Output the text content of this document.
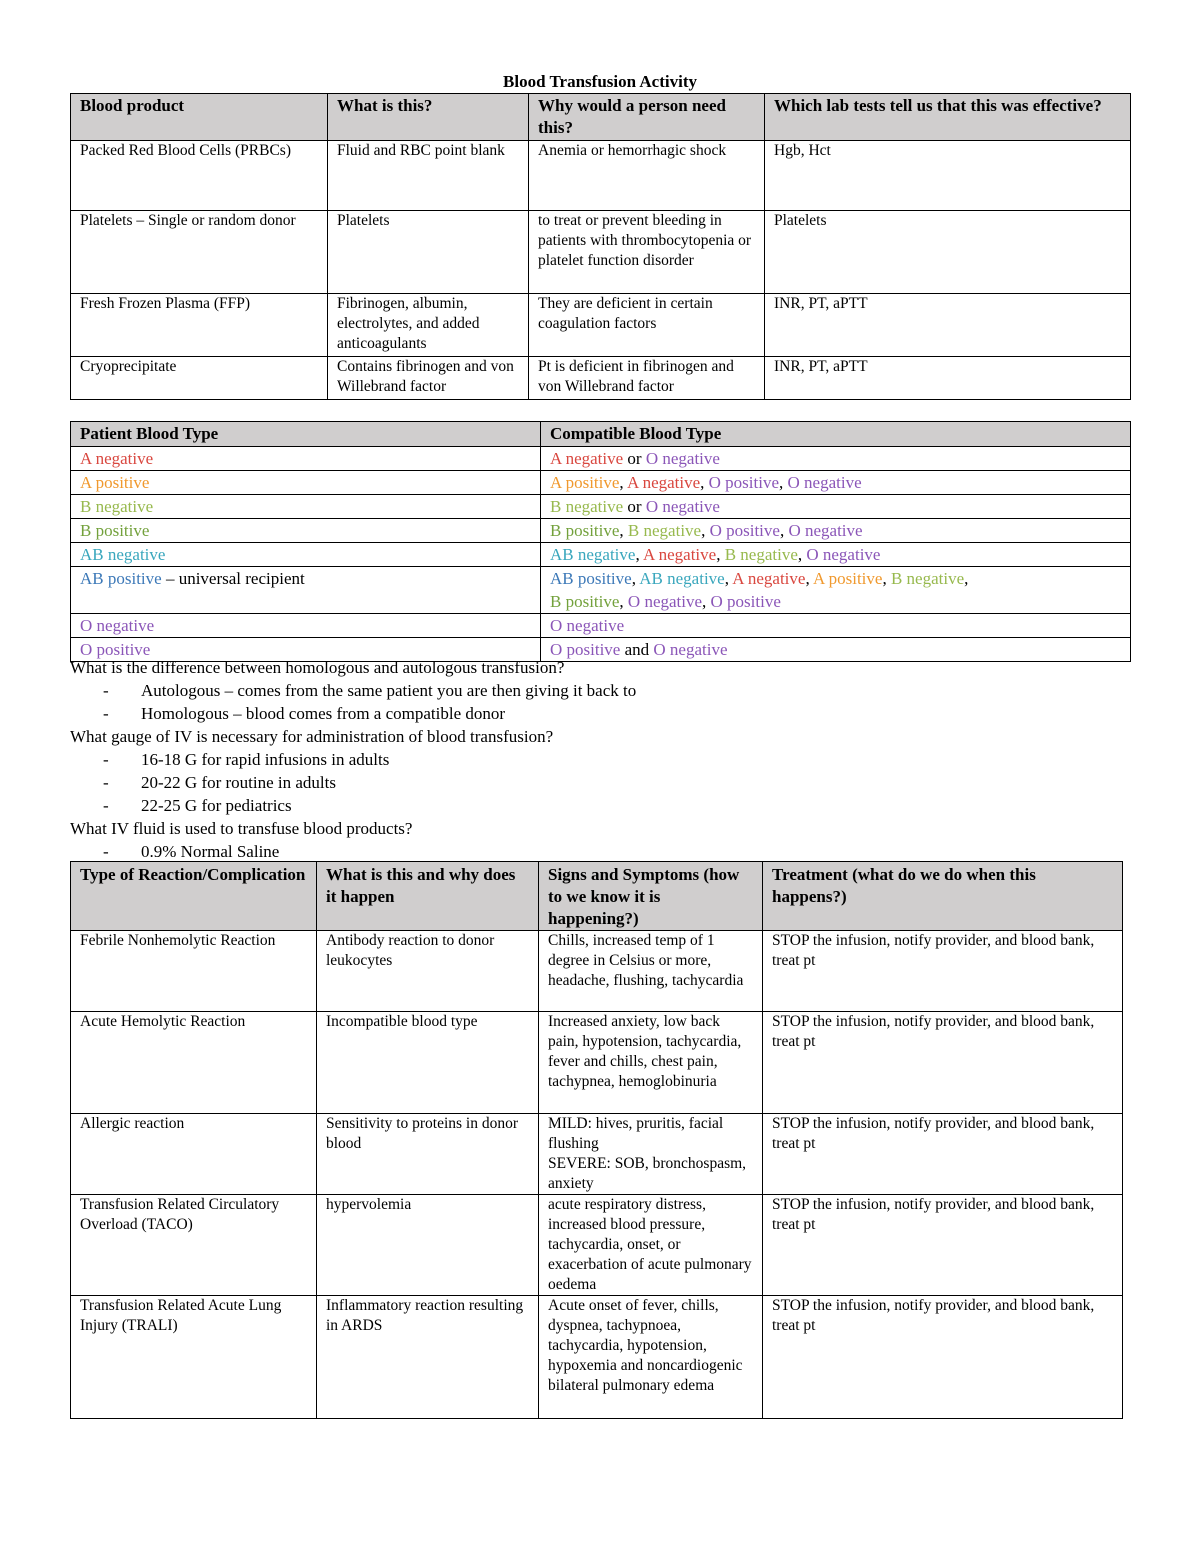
Blood Transfusion Activity
Blood product	What is this?	Why would a person need this?	Which lab tests tell us that this was effective?
Packed Red Blood Cells (PRBCs)	Fluid and RBC point blank	Anemia or hemorrhagic shock	Hgb, Hct
Platelets – Single or random donor	Platelets	to treat or prevent bleeding in patients with thrombocytopenia or platelet function disorder	Platelets
Fresh Frozen Plasma (FFP)	Fibrinogen, albumin, electrolytes, and added anticoagulants	They are deficient in certain coagulation factors	INR, PT, aPTT
Cryoprecipitate	Contains fibrinogen and von Willebrand factor	Pt is deficient in fibrinogen and von Willebrand factor	INR, PT, aPTT
Patient Blood Type	Compatible Blood Type
A negative	A negative or O negative
A positive	A positive, A negative, O positive, O negative
B negative	B negative or O negative
B positive	B positive, B negative, O positive, O negative
AB negative	AB negative, A negative, B negative, O negative
AB positive – universal recipient	AB positive, AB negative, A negative, A positive, B negative,
B positive, O negative, O positive
O negative	O negative
O positive	O positive and O negative

What is the difference between homologous and autologous transfusion?

- Autologous – comes from the same patient you are then giving it back to

- Homologous – blood comes from a compatible donor

What gauge of IV is necessary for administration of blood transfusion?

- 16-18 G for rapid infusions in adults

- 20-22 G for routine in adults

- 22-25 G for pediatrics

What IV fluid is used to transfuse blood products?

- 0.9% Normal Saline

Type of Reaction/Complication	What is this and why does it happen	Signs and Symptoms (how to we know it is happening?)	Treatment (what do we do when this happens?)
Febrile Nonhemolytic Reaction	Antibody reaction to donor leukocytes	Chills, increased temp of 1 degree in Celsius or more, headache, flushing, tachycardia	STOP the infusion, notify provider, and blood bank, treat pt
Acute Hemolytic Reaction	Incompatible blood type	Increased anxiety, low back pain, hypotension, tachycardia, fever and chills, chest pain, tachypnea, hemoglobinuria	STOP the infusion, notify provider, and blood bank, treat pt
Allergic reaction	Sensitivity to proteins in donor blood	MILD: hives, pruritis, facial flushing
SEVERE: SOB, bronchospasm, anxiety	STOP the infusion, notify provider, and blood bank, treat pt
Transfusion Related Circulatory Overload (TACO)	hypervolemia	acute respiratory distress, increased blood pressure, tachycardia, onset, or exacerbation of acute pulmonary oedema	STOP the infusion, notify provider, and blood bank, treat pt
Transfusion Related Acute Lung Injury (TRALI)	Inflammatory reaction resulting in ARDS	Acute onset of fever, chills, dyspnea, tachypnoea, tachycardia, hypotension, hypoxemia and noncardiogenic bilateral pulmonary edema	STOP the infusion, notify provider, and blood bank, treat pt
